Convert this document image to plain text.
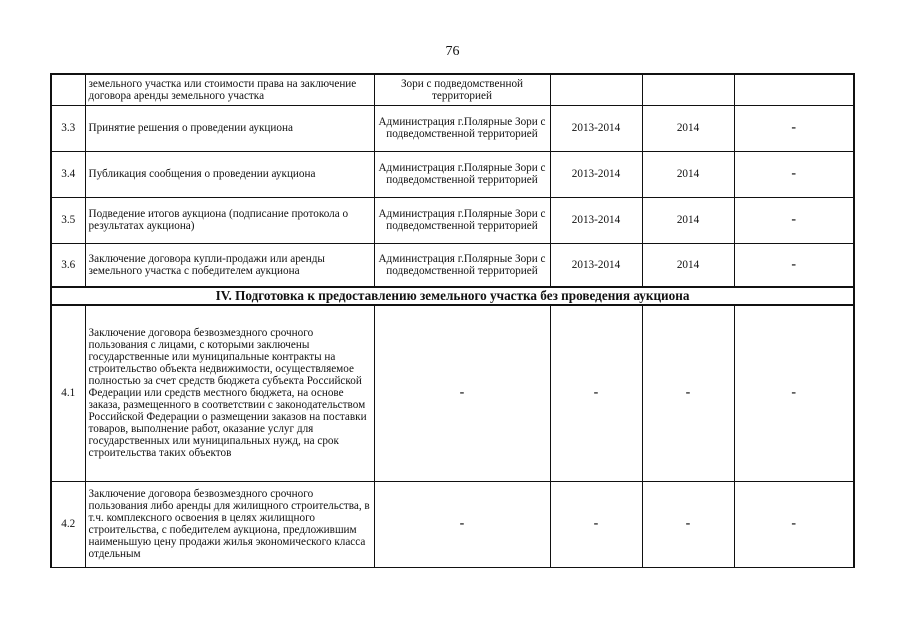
76
	земельного участка или стоимости права на заключение договора аренды земельного участка	Зори с подведомственной территорией			
3.3	Принятие решения о проведении аукциона	Администрация г.Полярные Зори с подведомственной территорией	2013-2014	2014	-
3.4	Публикация сообщения о проведении аукциона	Администрация г.Полярные Зори с подведомственной территорией	2013-2014	2014	-
3.5	Подведение итогов аукциона (подписание протокола о результатах аукциона)	Администрация г.Полярные Зори с подведомственной территорией	2013-2014	2014	-
3.6	Заключение договора купли-продажи или аренды земельного участка с победителем аукциона	Администрация г.Полярные Зори с подведомственной территорией	2013-2014	2014	-
IV. Подготовка к предоставлению земельного участка без проведения аукциона					
4.1	Заключение договора безвозмездного срочного пользования с лицами, с которыми заключены государственные или муниципальные контракты на строительство объекта недвижимости, осуществляемое полностью за счет средств бюджета субъекта Российской Федерации или средств местного бюджета, на основе заказа, размещенного в соответствии с законодательством Российской Федерации о размещении заказов на поставки товаров, выполнение работ, оказание услуг для государственных или муниципальных нужд, на срок строительства таких объектов	-	-	-	-
4.2	Заключение договора безвозмездного срочного пользования либо аренды для жилищного строительства, в т.ч. комплексного освоения в целях жилищного строительства, с победителем аукциона, предложившим наименьшую цену продажи жилья экономического класса отдельным	-	-	-	-
